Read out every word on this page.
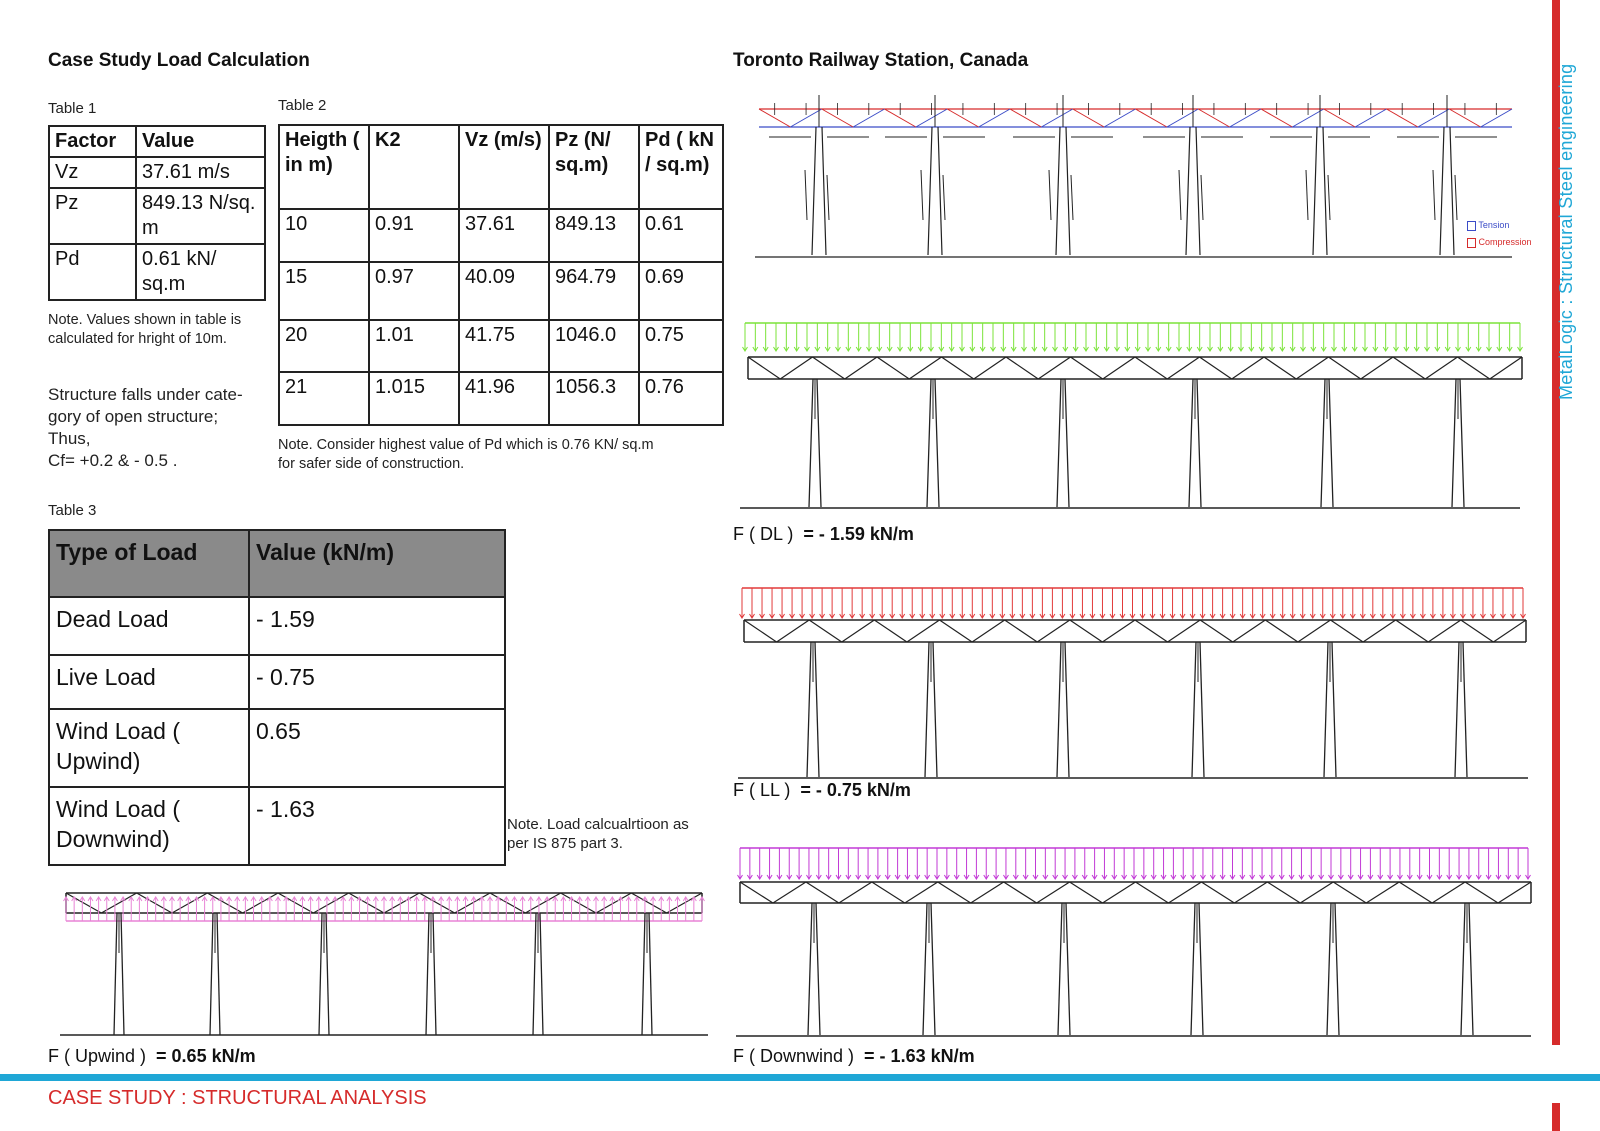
Case Study Load Calculation	Toronto Railway Station, Canada
Table 1
Factor	Value
Vz	37.61 m/s
Pz	849.13 N/sq. m
Pd	0.61 kN/ sq.m
Note. Values shown in table is calculated for hright of 10m.
Structure falls under cate-
gory of open structure;
Thus,
Cf= +0.2 & - 0.5 .
Table 2
Heigth ( in m)	K2	Vz (m/s)	Pz (N/ sq.m)	Pd ( kN / sq.m)
10	0.91	37.61	849.13	0.61
15	0.97	40.09	964.79	0.69
20	1.01	41.75	1046.0	0.75
21	1.015	41.96	1056.3	0.76
Note. Consider highest value of Pd which is 0.76 KN/ sq.m
for safer side of construction.
Table 3
Type of Load	Value (kN/m)
Dead Load	- 1.59
Live Load	- 0.75
Wind Load ( Upwind)	0.65
Wind Load ( Downwind)	- 1.63
Note. Load calcualrtioon as
per IS 875 part 3.
Tension
Compression
F ( DL ) = - 1.59 kN/m
F ( LL ) = - 0.75 kN/m
F ( Downwind ) = - 1.63 kN/m
F ( Upwind ) = 0.65 kN/m
MetalLogic : Structural Steel engineering
CASE STUDY : STRUCTURAL ANALYSIS
